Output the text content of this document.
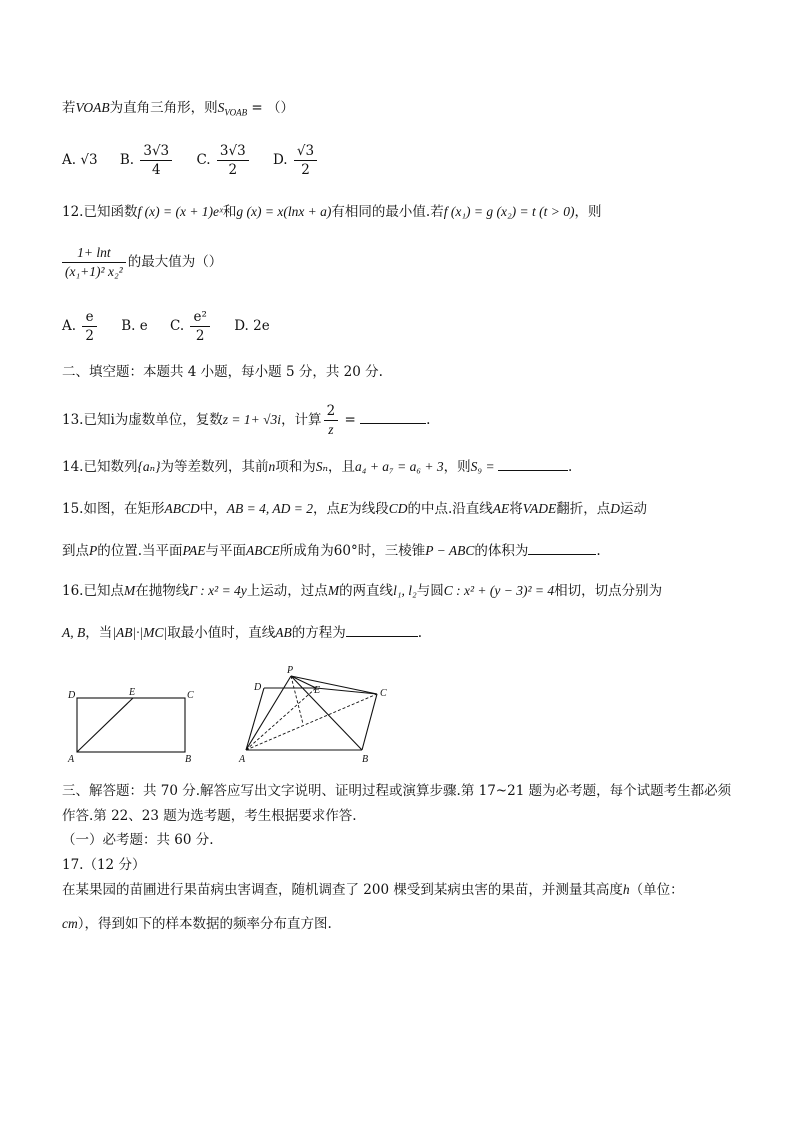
若VOAB为直角三角形，则$S_{VOAB}$ = （）
A. √3 B. $\frac{3√3}{4} C$. $\frac{3√3}{2} D$. $\frac{√3}{2}$
12.已知函数f (x) = (x + 1)eˣ和g (x) = x(lnx + a)有相同的最小值.若f (x₁) = g (x₂) = t (t > 0)，则
$\frac{1+ \ln t}{\text{(x₁+1)² x₂²}}$ 的最大值为（）
A. $\frac{e}{2} B$. e C. $\frac{\text{e²}}{2} D$. 2e
二、填空题：本题共 4 小题，每小题 5 分，共 20 分.
13.已知i为虚数单位，复数z = 1+ √3i，计算 $\frac{2}{z}$ =	.
14.已知数列{aₙ}为等差数列，其前n项和为Sₙ，且a₄ + a₇ = a₆ + 3，则S₉ =	.
15.如图，在矩形ABCD中，AB = 4, AD = 2，点E为线段CD的中点.沿直线AE将VADE翻折，点D运动
到点P的位置.当平面PAE与平面ABCE所成角为60°时，三棱锥P − ABC的体积为	.
16.已知点M在抛物线Γ : x² = 4y上运动，过点M的两直线l₁, l₂与圆C : x² + (y − 3)² = 4相切，切点分别为
A, B，当|AB|·|MC|取最小值时，直线AB的方程为	.
D	E	C
A	B
P
D	E	C
A	B
三、解答题：共 70 分.解答应写出文字说明、证明过程或演算步骤.第 17~21 题为必考题，每个试题考生都必须
作答.第 22、23 题为选考题，考生根据要求作答.
（一）必考题：共 60 分.
17.（12 分）
在某果园的苗圃进行果苗病虫害调查，随机调查了 200 棵受到某病虫害的果苗，并测量其高度h（单位：
cm），得到如下的样本数据的频率分布直方图.
